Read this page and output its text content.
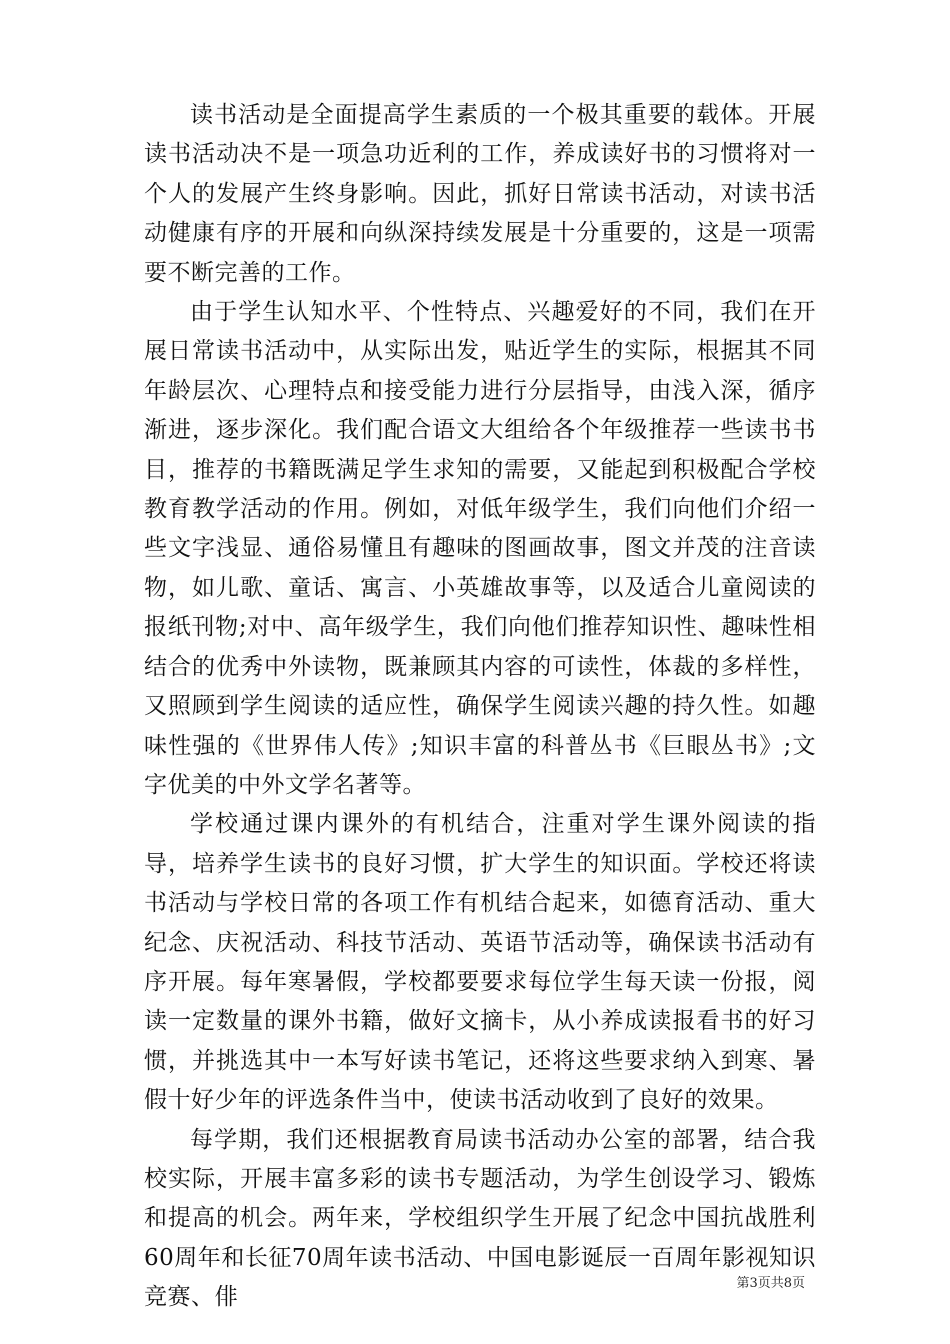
读书活动是全面提高学生素质的一个极其重要的载体。开展读书活动决不是一项急功近利的工作，养成读好书的习惯将对一个人的发展产生终身影响。因此，抓好日常读书活动，对读书活动健康有序的开展和向纵深持续发展是十分重要的，这是一项需要不断完善的工作。

由于学生认知水平、个性特点、兴趣爱好的不同，我们在开展日常读书活动中，从实际出发，贴近学生的实际，根据其不同年龄层次、心理特点和接受能力进行分层指导，由浅入深，循序渐进，逐步深化。我们配合语文大组给各个年级推荐一些读书书目，推荐的书籍既满足学生求知的需要，又能起到积极配合学校教育教学活动的作用。例如，对低年级学生，我们向他们介绍一些文字浅显、通俗易懂且有趣味的图画故事，图文并茂的注音读物，如儿歌、童话、寓言、小英雄故事等，以及适合儿童阅读的报纸刊物;对中、高年级学生，我们向他们推荐知识性、趣味性相结合的优秀中外读物，既兼顾其内容的可读性，体裁的多样性，又照顾到学生阅读的适应性，确保学生阅读兴趣的持久性。如趣味性强的《世界伟人传》;知识丰富的科普丛书《巨眼丛书》;文字优美的中外文学名著等。

学校通过课内课外的有机结合，注重对学生课外阅读的指导，培养学生读书的良好习惯，扩大学生的知识面。学校还将读书活动与学校日常的各项工作有机结合起来，如德育活动、重大纪念、庆祝活动、科技节活动、英语节活动等，确保读书活动有序开展。每年寒暑假，学校都要要求每位学生每天读一份报，阅读一定数量的课外书籍，做好文摘卡，从小养成读报看书的好习惯，并挑选其中一本写好读书笔记，还将这些要求纳入到寒、暑假十好少年的评选条件当中，使读书活动收到了良好的效果。

每学期，我们还根据教育局读书活动办公室的部署，结合我校实际，开展丰富多彩的读书专题活动，为学生创设学习、锻炼和提高的机会。两年来，学校组织学生开展了纪念中国抗战胜利60周年和长征70周年读书活动、中国电影诞辰一百周年影视知识竞赛、俳

第3页共8页
